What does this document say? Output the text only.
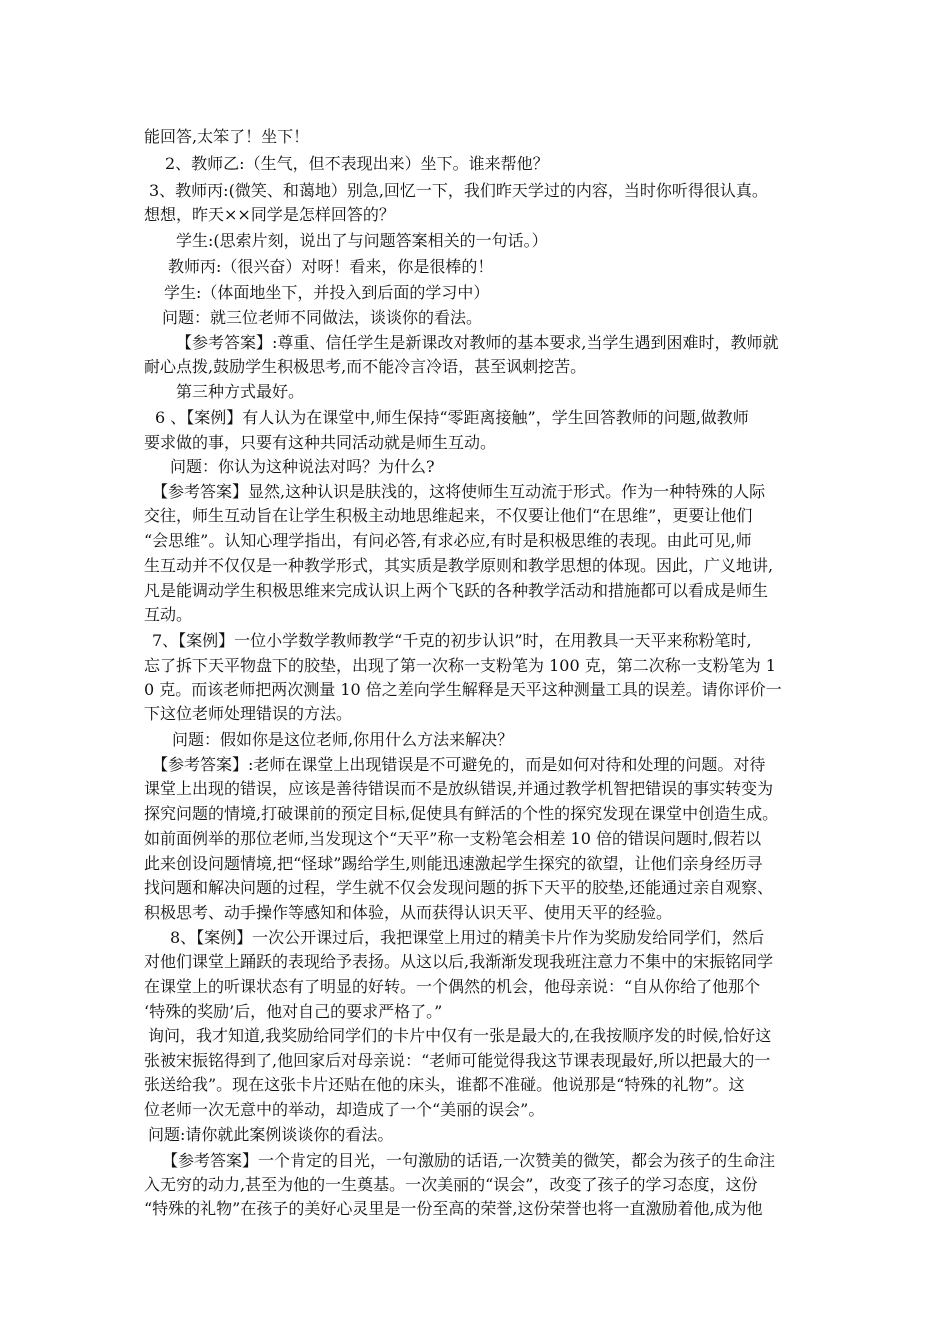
能回答,太笨了！坐下！
2、教师乙:（生气，但不表现出来）坐下。谁来帮他？
3、教师丙:(微笑、和蔼地）别急,回忆一下，我们昨天学过的内容，当时你听得很认真。
想想，昨天××同学是怎样回答的？
学生:(思索片刻，说出了与问题答案相关的一句话。）
教师丙:（很兴奋）对呀！看来，你是很棒的！
学生:（体面地坐下，并投入到后面的学习中）
问题：就三位老师不同做法，谈谈你的看法。
【参考答案】:尊重、信任学生是新课改对教师的基本要求,当学生遇到困难时，教师就
耐心点拨,鼓励学生积极思考,而不能冷言冷语，甚至讽刺挖苦。
第三种方式最好。
6 、【案例】有人认为在课堂中,师生保持“零距离接触”，学生回答教师的问题,做教师
要求做的事，只要有这种共同活动就是师生互动。
问题：你认为这种说法对吗？为什么?
【参考答案】显然,这种认识是肤浅的，这将使师生互动流于形式。作为一种特殊的人际
交往，师生互动旨在让学生积极主动地思维起来，不仅要让他们“在思维”，更要让他们
“会思维”。认知心理学指出，有问必答,有求必应,有时是积极思维的表现。由此可见,师
生互动并不仅仅是一种教学形式，其实质是教学原则和教学思想的体现。因此，广义地讲,
凡是能调动学生积极思维来完成认识上两个飞跃的各种教学活动和措施都可以看成是师生
互动。
7、【案例】一位小学数学教师教学“千克的初步认识”时，在用教具一天平来称粉笔时,
忘了拆下天平物盘下的胶垫，出现了第一次称一支粉笔为 100 克，第二次称一支粉笔为 1
0 克。而该老师把两次测量 10 倍之差向学生解释是天平这种测量工具的误差。请你评价一
下这位老师处理错误的方法。
问题：假如你是这位老师,你用什么方法来解决？
【参考答案】:老师在课堂上出现错误是不可避免的，而是如何对待和处理的问题。对待
课堂上出现的错误，应该是善待错误而不是放纵错误,并通过教学机智把错误的事实转变为
探究问题的情境,打破课前的预定目标,促使具有鲜活的个性的探究发现在课堂中创造生成。
如前面例举的那位老师,当发现这个“天平”称一支粉笔会相差 10 倍的错误问题时,假若以
此来创设问题情境,把“怪球”踢给学生,则能迅速激起学生探究的欲望，让他们亲身经历寻
找问题和解决问题的过程，学生就不仅会发现问题的拆下天平的胶垫,还能通过亲自观察、
积极思考、动手操作等感知和体验，从而获得认识天平、使用天平的经验。
8、【案例】一次公开课过后，我把课堂上用过的精美卡片作为奖励发给同学们，然后
对他们课堂上踊跃的表现给予表扬。从这以后,我渐渐发现我班注意力不集中的宋振铭同学
在课堂上的听课状态有了明显的好转。一个偶然的机会，他母亲说：“自从你给了他那个
‘特殊的奖励’后，他对自己的要求严格了。”
询问，我才知道,我奖励给同学们的卡片中仅有一张是最大的,在我按顺序发的时候,恰好这
张被宋振铭得到了,他回家后对母亲说：“老师可能觉得我这节课表现最好,所以把最大的一
张送给我”。现在这张卡片还贴在他的床头，谁都不准碰。他说那是“特殊的礼物”。这
位老师一次无意中的举动，却造成了一个“美丽的误会”。
问题:请你就此案例谈谈你的看法。
【参考答案】一个肯定的目光，一句激励的话语,一次赞美的微笑，都会为孩子的生命注
入无穷的动力,甚至为他的一生奠基。一次美丽的“误会”，改变了孩子的学习态度，这份
“特殊的礼物”在孩子的美好心灵里是一份至高的荣誉,这份荣誉也将一直激励着他,成为他
